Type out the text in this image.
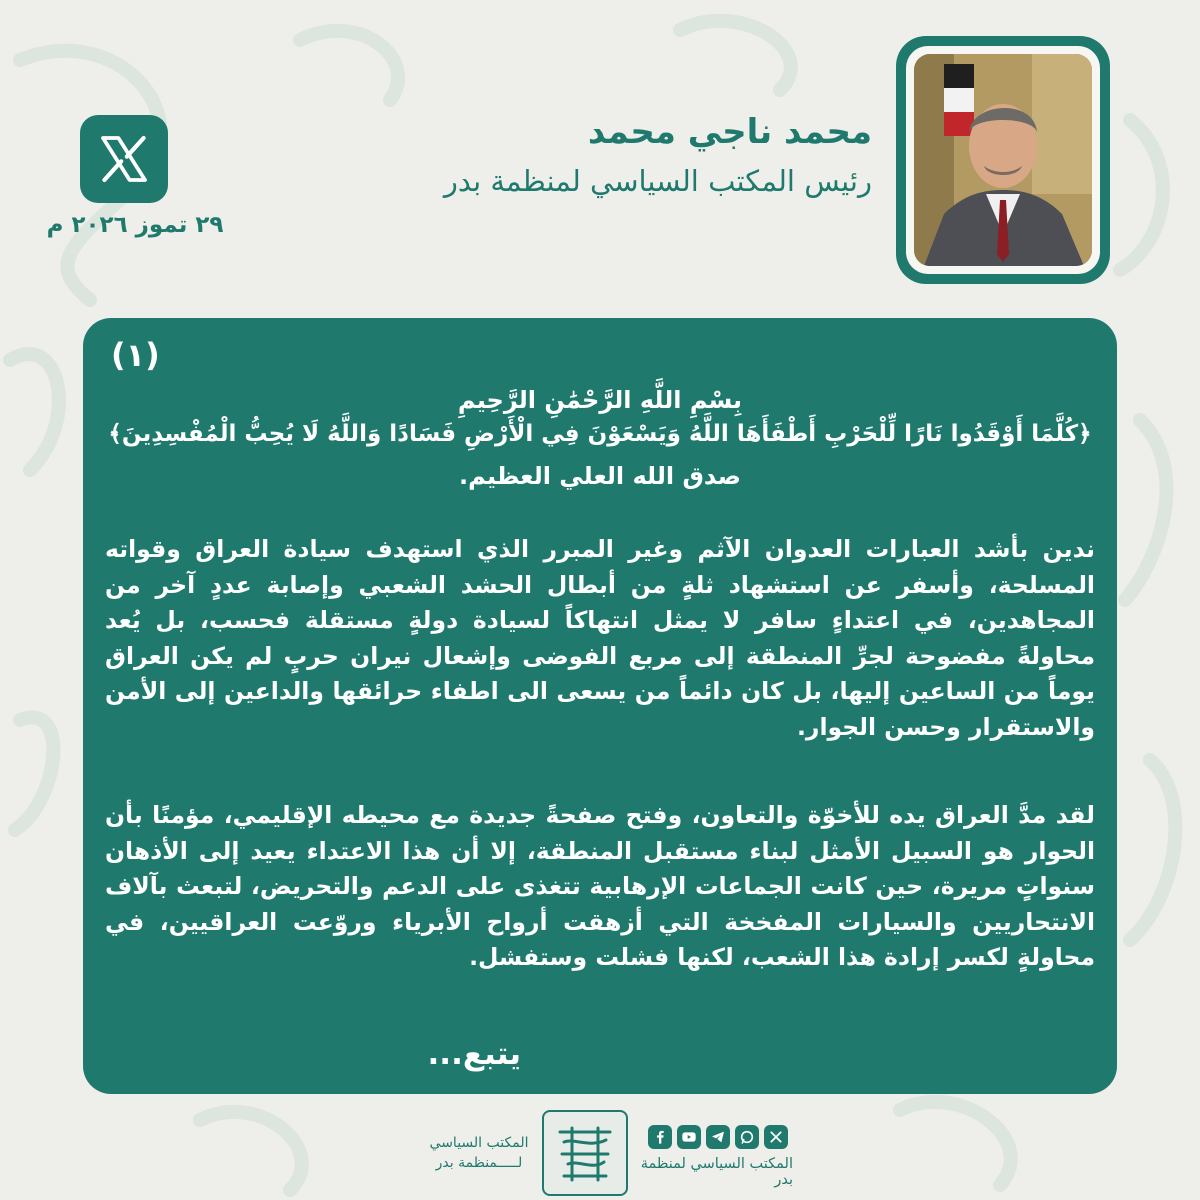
محمد ناجي محمد

رئيس المكتب السياسي لمنظمة بدر

٢٩ تموز ٢٠٢٦ م
(١)
بِسْمِ اللَّهِ الرَّحْمَٰنِ الرَّحِيمِ
﴿كُلَّمَا أَوْقَدُوا نَارًا لِّلْحَرْبِ أَطْفَأَهَا اللَّهُ وَيَسْعَوْنَ فِي الْأَرْضِ فَسَادًا وَاللَّهُ لَا يُحِبُّ الْمُفْسِدِينَ﴾
صدق الله العلي العظيم.

ندين بأشد العبارات العدوان الآثم وغير المبرر الذي استهدف سيادة العراق وقواته المسلحة، وأسفر عن استشهاد ثلةٍ من أبطال الحشد الشعبي وإصابة عددٍ آخر من المجاهدين، في اعتداءٍ سافر لا يمثل انتهاكاً لسيادة دولةٍ مستقلة فحسب، بل يُعد محاولةً مفضوحة لجرِّ المنطقة إلى مربع الفوضى وإشعال نيران حربٍ لم يكن العراق يوماً من الساعين إليها، بل كان دائماً من يسعى الى اطفاء حرائقها والداعين إلى الأمن والاستقرار وحسن الجوار.

لقد مدَّ العراق يده للأخوّة والتعاون، وفتح صفحةً جديدة مع محيطه الإقليمي، مؤمنًا بأن الحوار هو السبيل الأمثل لبناء مستقبل المنطقة، إلا أن هذا الاعتداء يعيد إلى الأذهان سنواتٍ مريرة، حين كانت الجماعات الإرهابية تتغذى على الدعم والتحريض، لتبعث بآلاف الانتحاريين والسيارات المفخخة التي أزهقت أرواح الأبرياء وروّعت العراقيين، في محاولةٍ لكسر إرادة هذا الشعب، لكنها فشلت وستفشل.

يتبع...
المكتب السياسي
لـــــمنظمة بدر	المكتب السياسي لمنظمة بدر
